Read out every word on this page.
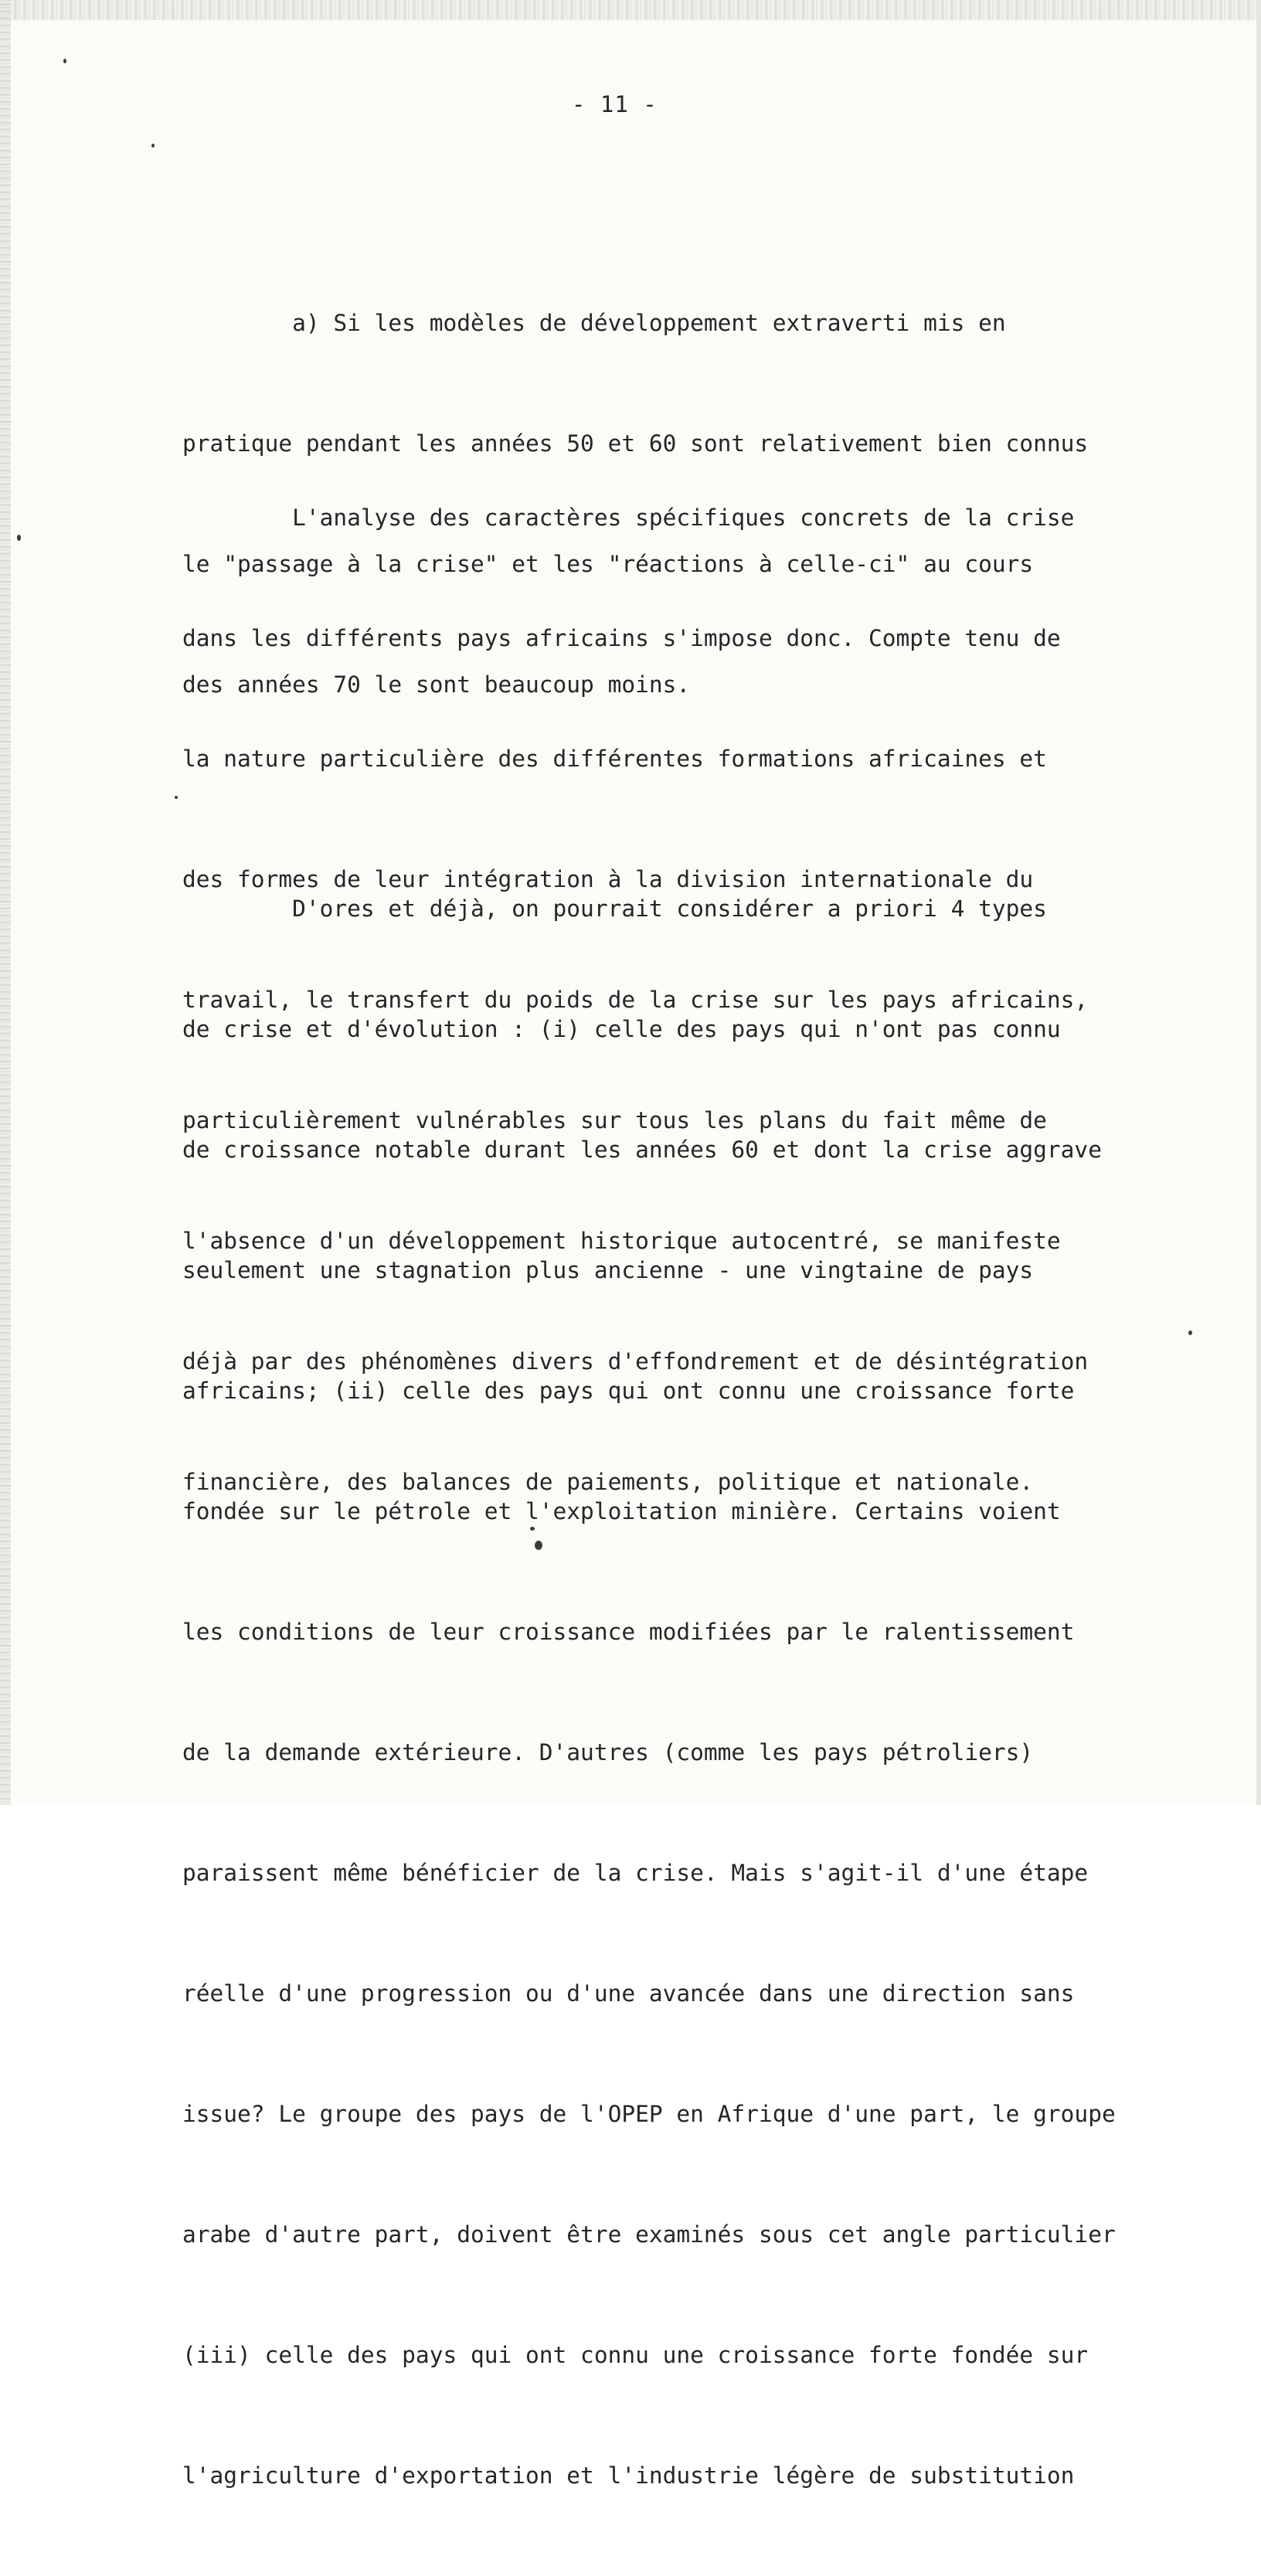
- 11 -

a) Si les modèles de développement extraverti mis en

pratique pendant les années 50 et 60 sont relativement bien connus

le "passage à la crise" et les "réactions à celle-ci" au cours

des années 70 le sont beaucoup moins.

L'analyse des caractères spécifiques concrets de la crise

dans les différents pays africains s'impose donc. Compte tenu de

la nature particulière des différentes formations africaines et

des formes de leur intégration à la division internationale du

travail, le transfert du poids de la crise sur les pays africains,

particulièrement vulnérables sur tous les plans du fait même de

l'absence d'un développement historique autocentré, se manifeste

déjà par des phénomènes divers d'effondrement et de désintégration

financière, des balances de paiements, politique et nationale.

D'ores et déjà, on pourrait considérer a priori 4 types

de crise et d'évolution : (i) celle des pays qui n'ont pas connu

de croissance notable durant les années 60 et dont la crise aggrave

seulement une stagnation plus ancienne - une vingtaine de pays

africains; (ii) celle des pays qui ont connu une croissance forte

fondée sur le pétrole et l'exploitation minière. Certains voient

les conditions de leur croissance modifiées par le ralentissement

de la demande extérieure. D'autres (comme les pays pétroliers)

paraissent même bénéficier de la crise. Mais s'agit-il d'une étape

réelle d'une progression ou d'une avancée dans une direction sans

issue? Le groupe des pays de l'OPEP en Afrique d'une part, le groupe

arabe d'autre part, doivent être examinés sous cet angle particulier

(iii) celle des pays qui ont connu une croissance forte fondée sur

l'agriculture d'exportation et l'industrie légère de substitution
